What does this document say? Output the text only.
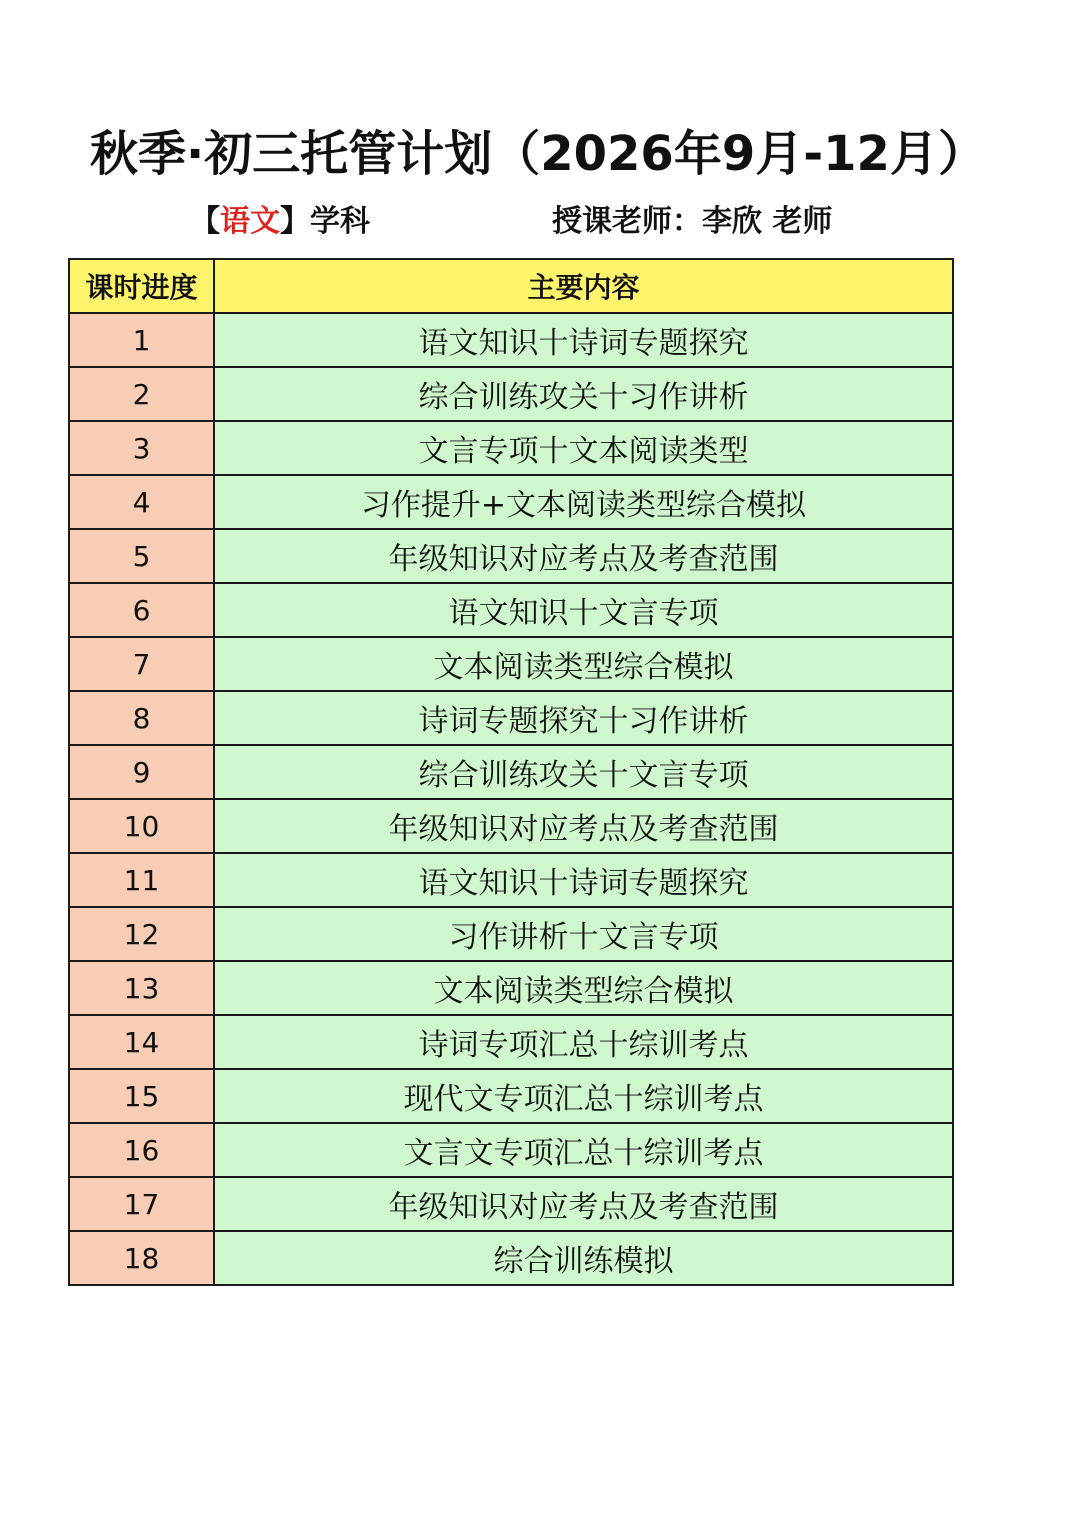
秋季·初三托管计划（2026年9月-12月）
【语文】学科	授课老师：李欣 老师
课时进度	主要内容
1	语文知识十诗词专题探究
2	综合训练攻关十习作讲析
3	文言专项十文本阅读类型
4	习作提升+文本阅读类型综合模拟
5	年级知识对应考点及考查范围
6	语文知识十文言专项
7	文本阅读类型综合模拟
8	诗词专题探究十习作讲析
9	综合训练攻关十文言专项
10	年级知识对应考点及考查范围
11	语文知识十诗词专题探究
12	习作讲析十文言专项
13	文本阅读类型综合模拟
14	诗词专项汇总十综训考点
15	现代文专项汇总十综训考点
16	文言文专项汇总十综训考点
17	年级知识对应考点及考查范围
18	综合训练模拟
